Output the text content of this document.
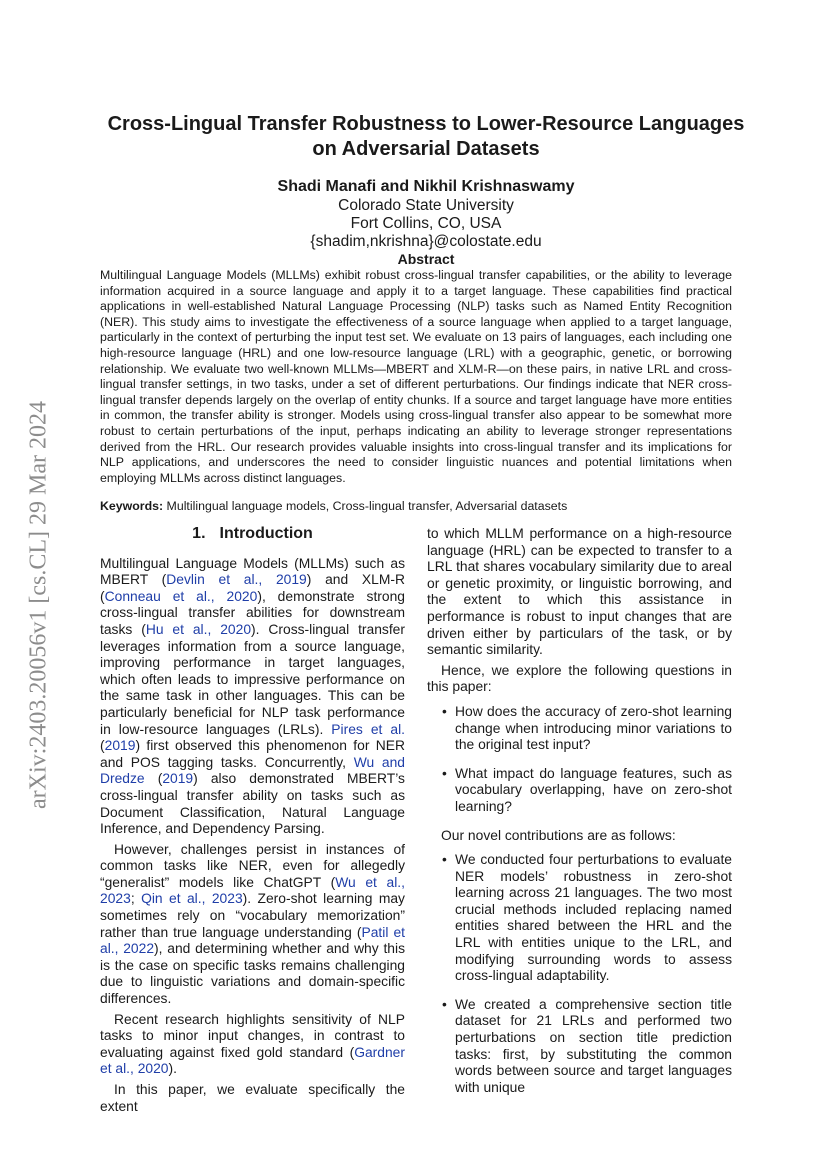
arXiv:2403.20056v1 [cs.CL] 29 Mar 2024
Cross-Lingual Transfer Robustness to Lower-Resource Languages
on Adversarial Datasets
Shadi Manafi and Nikhil Krishnaswamy
Colorado State University
Fort Collins, CO, USA
{shadim,nkrishna}@colostate.edu
Abstract
Multilingual Language Models (MLLMs) exhibit robust cross-lingual transfer capabilities, or the ability to leverage information acquired in a source language and apply it to a target language. These capabilities find practical applications in well-established Natural Language Processing (NLP) tasks such as Named Entity Recognition (NER). This study aims to investigate the effectiveness of a source language when applied to a target language, particularly in the context of perturbing the input test set. We evaluate on 13 pairs of languages, each including one high-resource language (HRL) and one low-resource language (LRL) with a geographic, genetic, or borrowing relationship. We evaluate two well-known MLLMs—MBERT and XLM-R—on these pairs, in native LRL and cross-lingual transfer settings, in two tasks, under a set of different perturbations. Our findings indicate that NER cross-lingual transfer depends largely on the overlap of entity chunks. If a source and target language have more entities in common, the transfer ability is stronger. Models using cross-lingual transfer also appear to be somewhat more robust to certain perturbations of the input, perhaps indicating an ability to leverage stronger representations derived from the HRL. Our research provides valuable insights into cross-lingual transfer and its implications for NLP applications, and underscores the need to consider linguistic nuances and potential limitations when employing MLLMs across distinct languages.
Keywords: Multilingual language models, Cross-lingual transfer, Adversarial datasets
1. Introduction

Multilingual Language Models (MLLMs) such as MBERT (Devlin et al., 2019) and XLM-R (Conneau et al., 2020), demonstrate strong cross-lingual transfer abilities for downstream tasks (Hu et al., 2020). Cross-lingual transfer leverages information from a source language, improving performance in target languages, which often leads to impressive performance on the same task in other languages. This can be particularly beneficial for NLP task performance in low-resource languages (LRLs). Pires et al. (2019) first observed this phenomenon for NER and POS tagging tasks. Concurrently, Wu and Dredze (2019) also demonstrated MBERT’s cross-lingual transfer ability on tasks such as Document Classification, Natural Language Inference, and Dependency Parsing.

However, challenges persist in instances of common tasks like NER, even for allegedly “generalist” models like ChatGPT (Wu et al., 2023; Qin et al., 2023). Zero-shot learning may sometimes rely on “vocabulary memorization” rather than true language understanding (Patil et al., 2022), and determining whether and why this is the case on specific tasks remains challenging due to linguistic variations and domain-specific differences.

Recent research highlights sensitivity of NLP tasks to minor input changes, in contrast to evaluating against fixed gold standard (Gardner et al., 2020).

In this paper, we evaluate specifically the extent

to which MLLM performance on a high-resource language (HRL) can be expected to transfer to a LRL that shares vocabulary similarity due to areal or genetic proximity, or linguistic borrowing, and the extent to which this assistance in performance is robust to input changes that are driven either by particulars of the task, or by semantic similarity.

Hence, we explore the following questions in this paper:

• How does the accuracy of zero-shot learning change when introducing minor variations to the original test input?
• What impact do language features, such as vocabulary overlapping, have on zero-shot learning?

Our novel contributions are as follows:

• We conducted four perturbations to evaluate NER models’ robustness in zero-shot learning across 21 languages. The two most crucial methods included replacing named entities shared between the HRL and the LRL with entities unique to the LRL, and modifying surrounding words to assess cross-lingual adaptability.
• We created a comprehensive section title dataset for 21 LRLs and performed two perturbations on section title prediction tasks: first, by substituting the common words between source and target languages with unique
